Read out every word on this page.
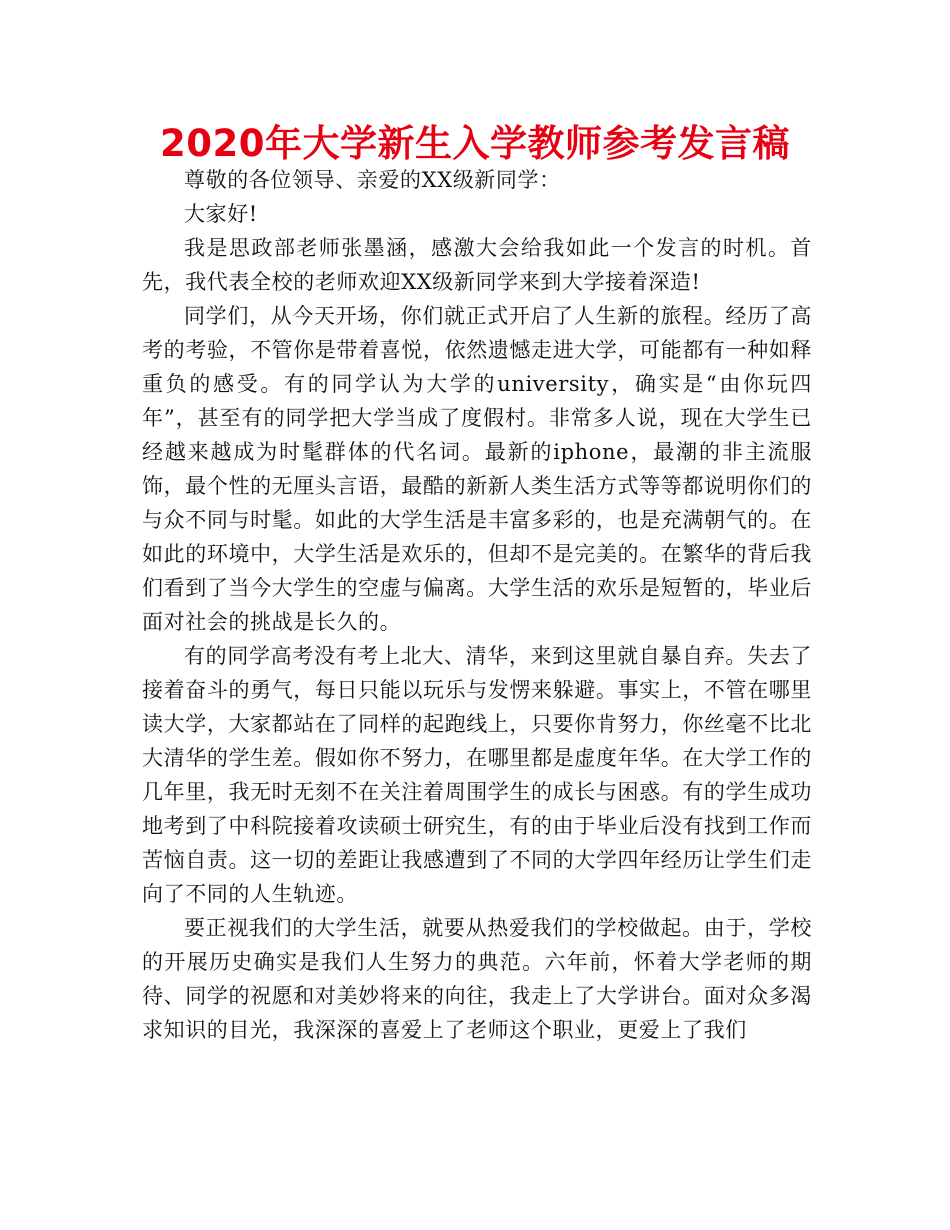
2020年大学新生入学教师参考发言稿

尊敬的各位领导、亲爱的XX级新同学：

大家好!

我是思政部老师张墨涵，感激大会给我如此一个发言的时机。首先，我代表全校的老师欢迎XX级新同学来到大学接着深造!

同学们，从今天开场，你们就正式开启了人生新的旅程。经历了高考的考验，不管你是带着喜悦，依然遗憾走进大学，可能都有一种如释重负的感受。有的同学认为大学的university，确实是“由你玩四年”，甚至有的同学把大学当成了度假村。非常多人说，现在大学生已经越来越成为时髦群体的代名词。最新的iphone，最潮的非主流服饰，最个性的无厘头言语，最酷的新新人类生活方式等等都说明你们的与众不同与时髦。如此的大学生活是丰富多彩的，也是充满朝气的。在如此的环境中，大学生活是欢乐的，但却不是完美的。在繁华的背后我们看到了当今大学生的空虚与偏离。大学生活的欢乐是短暂的，毕业后面对社会的挑战是长久的。

有的同学高考没有考上北大、清华，来到这里就自暴自弃。失去了接着奋斗的勇气，每日只能以玩乐与发愣来躲避。事实上，不管在哪里读大学，大家都站在了同样的起跑线上，只要你肯努力，你丝毫不比北大清华的学生差。假如你不努力，在哪里都是虚度年华。在大学工作的几年里，我无时无刻不在关注着周围学生的成长与困惑。有的学生成功地考到了中科院接着攻读硕士研究生，有的由于毕业后没有找到工作而苦恼自责。这一切的差距让我感遭到了不同的大学四年经历让学生们走向了不同的人生轨迹。

要正视我们的大学生活，就要从热爱我们的学校做起。由于，学校的开展历史确实是我们人生努力的典范。六年前，怀着大学老师的期待、同学的祝愿和对美妙将来的向往，我走上了大学讲台。面对众多渴求知识的目光，我深深的喜爱上了老师这个职业，更爱上了我们
